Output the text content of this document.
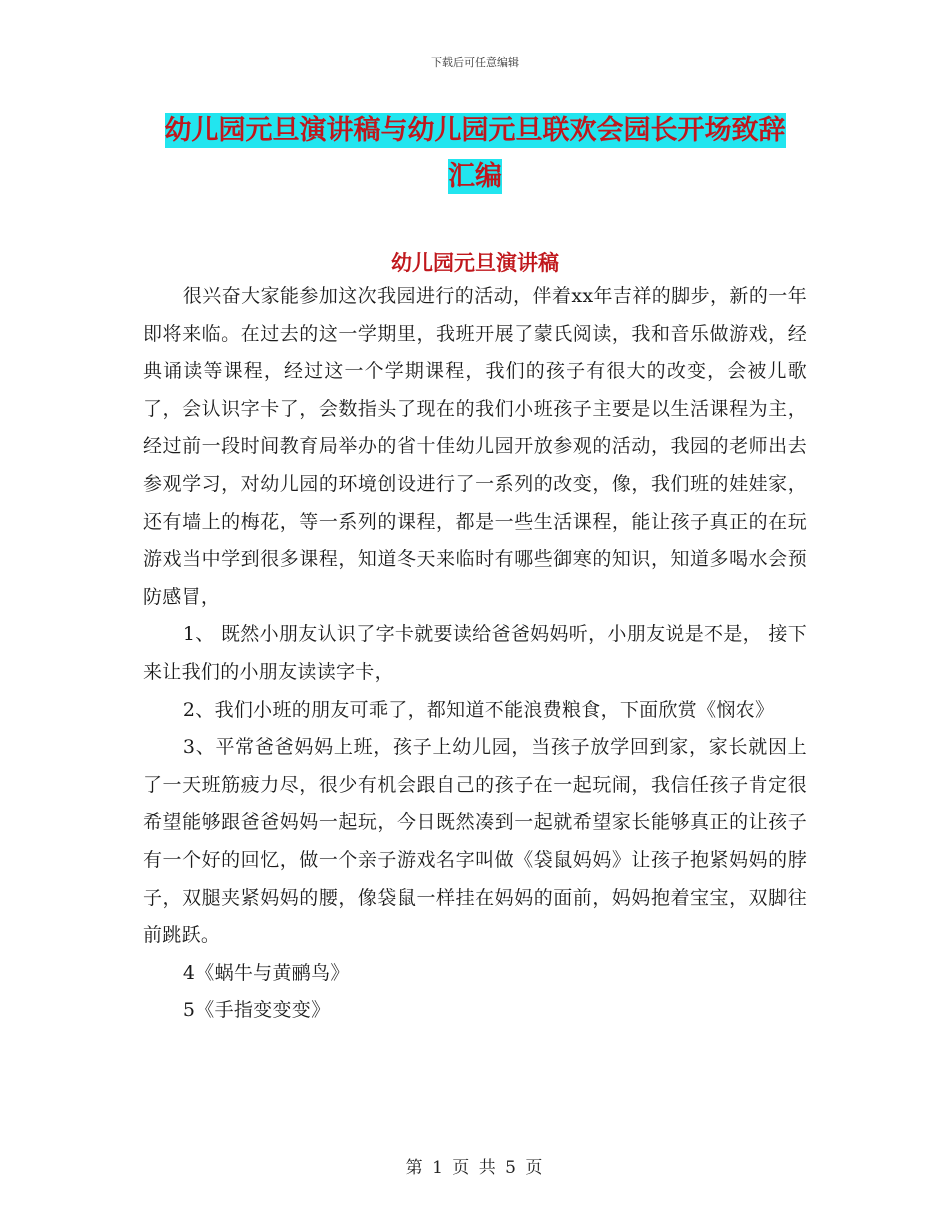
下载后可任意编辑
幼儿园元旦演讲稿与幼儿园元旦联欢会园长开场致辞
汇编
幼儿园元旦演讲稿

很兴奋大家能参加这次我园进行的活动，伴着xx年吉祥的脚步，新的一年即将来临。在过去的这一学期里，我班开展了蒙氏阅读，我和音乐做游戏，经典诵读等课程，经过这一个学期课程，我们的孩子有很大的改变，会被儿歌了，会认识字卡了，会数指头了现在的我们小班孩子主要是以生活课程为主，经过前一段时间教育局举办的省十佳幼儿园开放参观的活动，我园的老师出去参观学习，对幼儿园的环境创设进行了一系列的改变，像，我们班的娃娃家，还有墙上的梅花，等一系列的课程，都是一些生活课程，能让孩子真正的在玩游戏当中学到很多课程，知道冬天来临时有哪些御寒的知识，知道多喝水会预防感冒，

1、 既然小朋友认识了字卡就要读给爸爸妈妈听，小朋友说是不是， 接下来让我们的小朋友读读字卡，

2、我们小班的朋友可乖了，都知道不能浪费粮食，下面欣赏《悯农》

3、平常爸爸妈妈上班，孩子上幼儿园，当孩子放学回到家，家长就因上了一天班筋疲力尽，很少有机会跟自己的孩子在一起玩闹，我信任孩子肯定很希望能够跟爸爸妈妈一起玩，今日既然凑到一起就希望家长能够真正的让孩子有一个好的回忆，做一个亲子游戏名字叫做《袋鼠妈妈》让孩子抱紧妈妈的脖子，双腿夹紧妈妈的腰，像袋鼠一样挂在妈妈的面前，妈妈抱着宝宝，双脚往前跳跃。

4《蜗牛与黄鹂鸟》

5《手指变变变》

第 1 页 共 5 页
